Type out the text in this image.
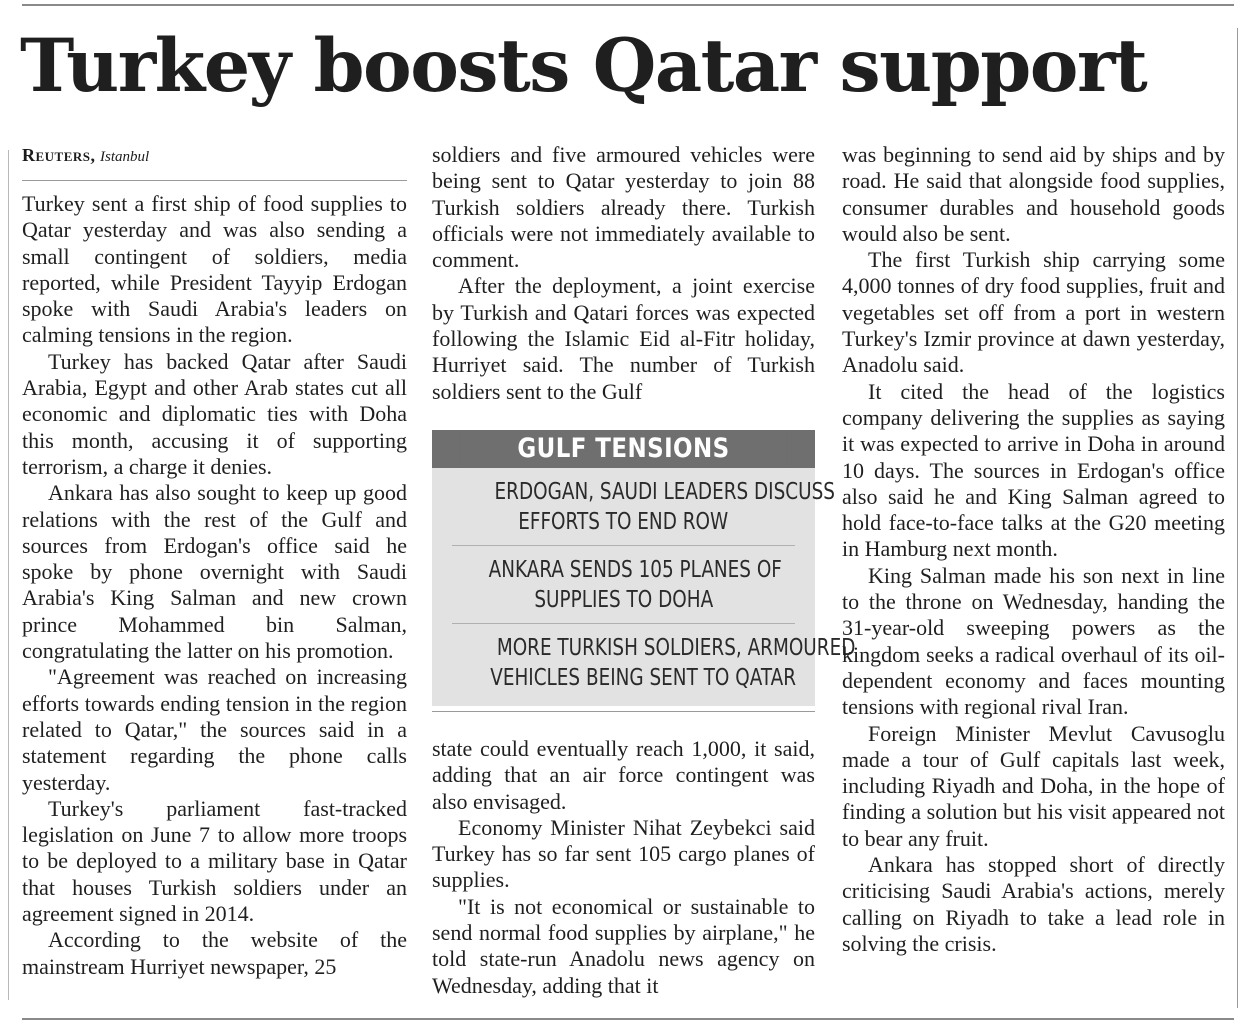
Turkey boosts Qatar support
Reuters, Istanbul

Turkey sent a first ship of food supplies to Qatar yesterday and was also sending a small contingent of soldiers, media reported, while President Tayyip Erdogan spoke with Saudi Arabia's leaders on calming tensions in the region.

Turkey has backed Qatar after Saudi Arabia, Egypt and other Arab states cut all economic and diplomatic ties with Doha this month, accusing it of supporting terrorism, a charge it denies.

Ankara has also sought to keep up good relations with the rest of the Gulf and sources from Erdogan's office said he spoke by phone overnight with Saudi Arabia's King Salman and new crown prince Mohammed bin Salman, congratulating the latter on his promotion.

"Agreement was reached on increasing efforts towards ending tension in the region related to Qatar," the sources said in a statement regarding the phone calls yesterday.

Turkey's parliament fast-tracked legislation on June 7 to allow more troops to be deployed to a military base in Qatar that houses Turkish soldiers under an agreement signed in 2014.

According to the website of the mainstream Hurriyet newspaper, 25

soldiers and five armoured vehicles were being sent to Qatar yesterday to join 88 Turkish soldiers already there. Turkish officials were not immediately available to comment.

After the deployment, a joint exercise by Turkish and Qatari forces was expected following the Islamic Eid al-Fitr holiday, Hurriyet said. The number of Turkish soldiers sent to the Gulf

GULF TENSIONS
ERDOGAN, SAUDI LEADERS DISCUSS
EFFORTS TO END ROW
ANKARA SENDS 105 PLANES OF
SUPPLIES TO DOHA
MORE TURKISH SOLDIERS, ARMOURED
VEHICLES BEING SENT TO QATAR

state could eventually reach 1,000, it said, adding that an air force contingent was also envisaged.

Economy Minister Nihat Zeybekci said Turkey has so far sent 105 cargo planes of supplies.

"It is not economical or sustainable to send normal food supplies by airplane," he told state-run Anadolu news agency on Wednesday, adding that it

was beginning to send aid by ships and by road. He said that alongside food supplies, consumer durables and household goods would also be sent.

The first Turkish ship carrying some 4,000 tonnes of dry food supplies, fruit and vegetables set off from a port in western Turkey's Izmir province at dawn yesterday, Anadolu said.

It cited the head of the logistics company delivering the supplies as saying it was expected to arrive in Doha in around 10 days. The sources in Erdogan's office also said he and King Salman agreed to hold face-to-face talks at the G20 meeting in Hamburg next month.

King Salman made his son next in line to the throne on Wednesday, handing the 31-year-old sweeping powers as the kingdom seeks a radical overhaul of its oil-dependent economy and faces mounting tensions with regional rival Iran.

Foreign Minister Mevlut Cavusoglu made a tour of Gulf capitals last week, including Riyadh and Doha, in the hope of finding a solution but his visit appeared not to bear any fruit.

Ankara has stopped short of directly criticising Saudi Arabia's actions, merely calling on Riyadh to take a lead role in solving the crisis.
